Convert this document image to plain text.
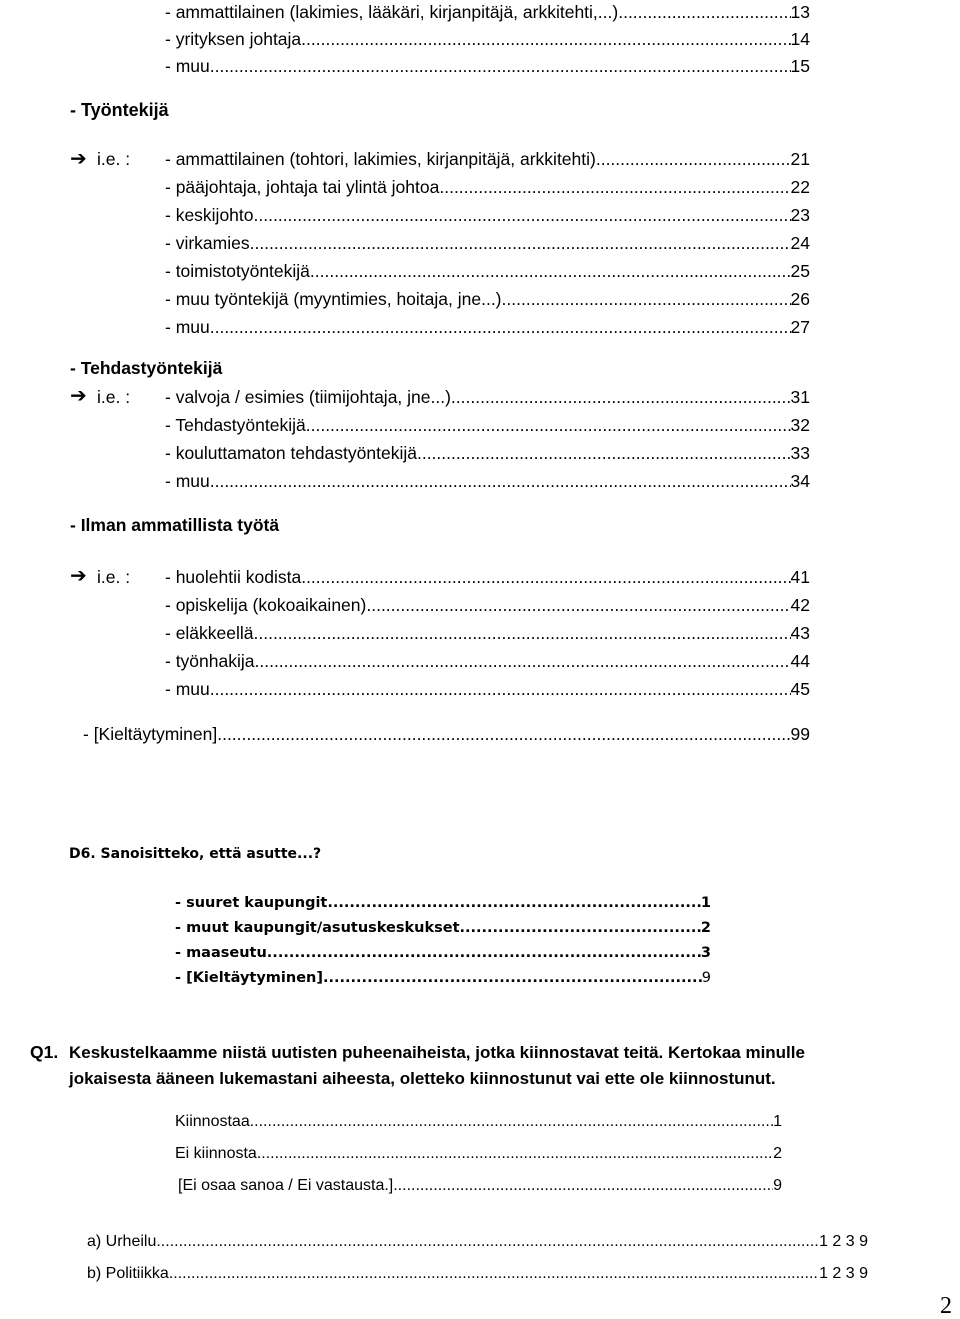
- ammattilainen (lakimies, lääkäri, kirjanpitäjä, arkkitehti,...) .....	13
- yrityksen johtaja .....	14
- muu .....	15
- Työntekijä
➔ i.e. : - ammattilainen (tohtori, lakimies, kirjanpitäjä, arkkitehti) .....	21
- pääjohtaja, johtaja tai ylintä johtoa .....	22
- keskijohto .....	23
- virkamies .....	24
- toimistotyöntekijä .....	25
- muu työntekijä (myyntimies, hoitaja, jne...) .....	26
- muu .....	27
- Tehdastyöntekijä
➔ i.e. : - valvoja / esimies (tiimijohtaja, jne...) .....	31
- Tehdastyöntekijä .....	32
- kouluttamaton tehdastyöntekijä .....	33
- muu .....	34
- Ilman ammatillista työtä
➔ i.e. : - huolehtii kodista .....	41
- opiskelija (kokoaikainen) .....	42
- eläkkeellä .....	43
- työnhakija .....	44
- muu .....	45
- [Kieltäytyminen] .....	99
D6. Sanoisitteko, että asutte...?
- suuret kaupungit .....	1
- muut kaupungit/asutuskeskukset .....	2
- maaseutu .....	3
- [Kieltäytyminen] .....	9
Q1. Keskustelkaamme niistä uutisten puheenaiheista, jotka kiinnostavat teitä. Kertokaa minulle
jokaisesta ääneen lukemastani aiheesta, oletteko kiinnostunut vai ette ole kiinnostunut.
Kiinnostaa .....	1
Ei kiinnosta .....	2
[Ei osaa sanoa / Ei vastausta.] .....	9
a) Urheilu .....	1 2 3 9
b) Politiikka .....	1 2 3 9
2
